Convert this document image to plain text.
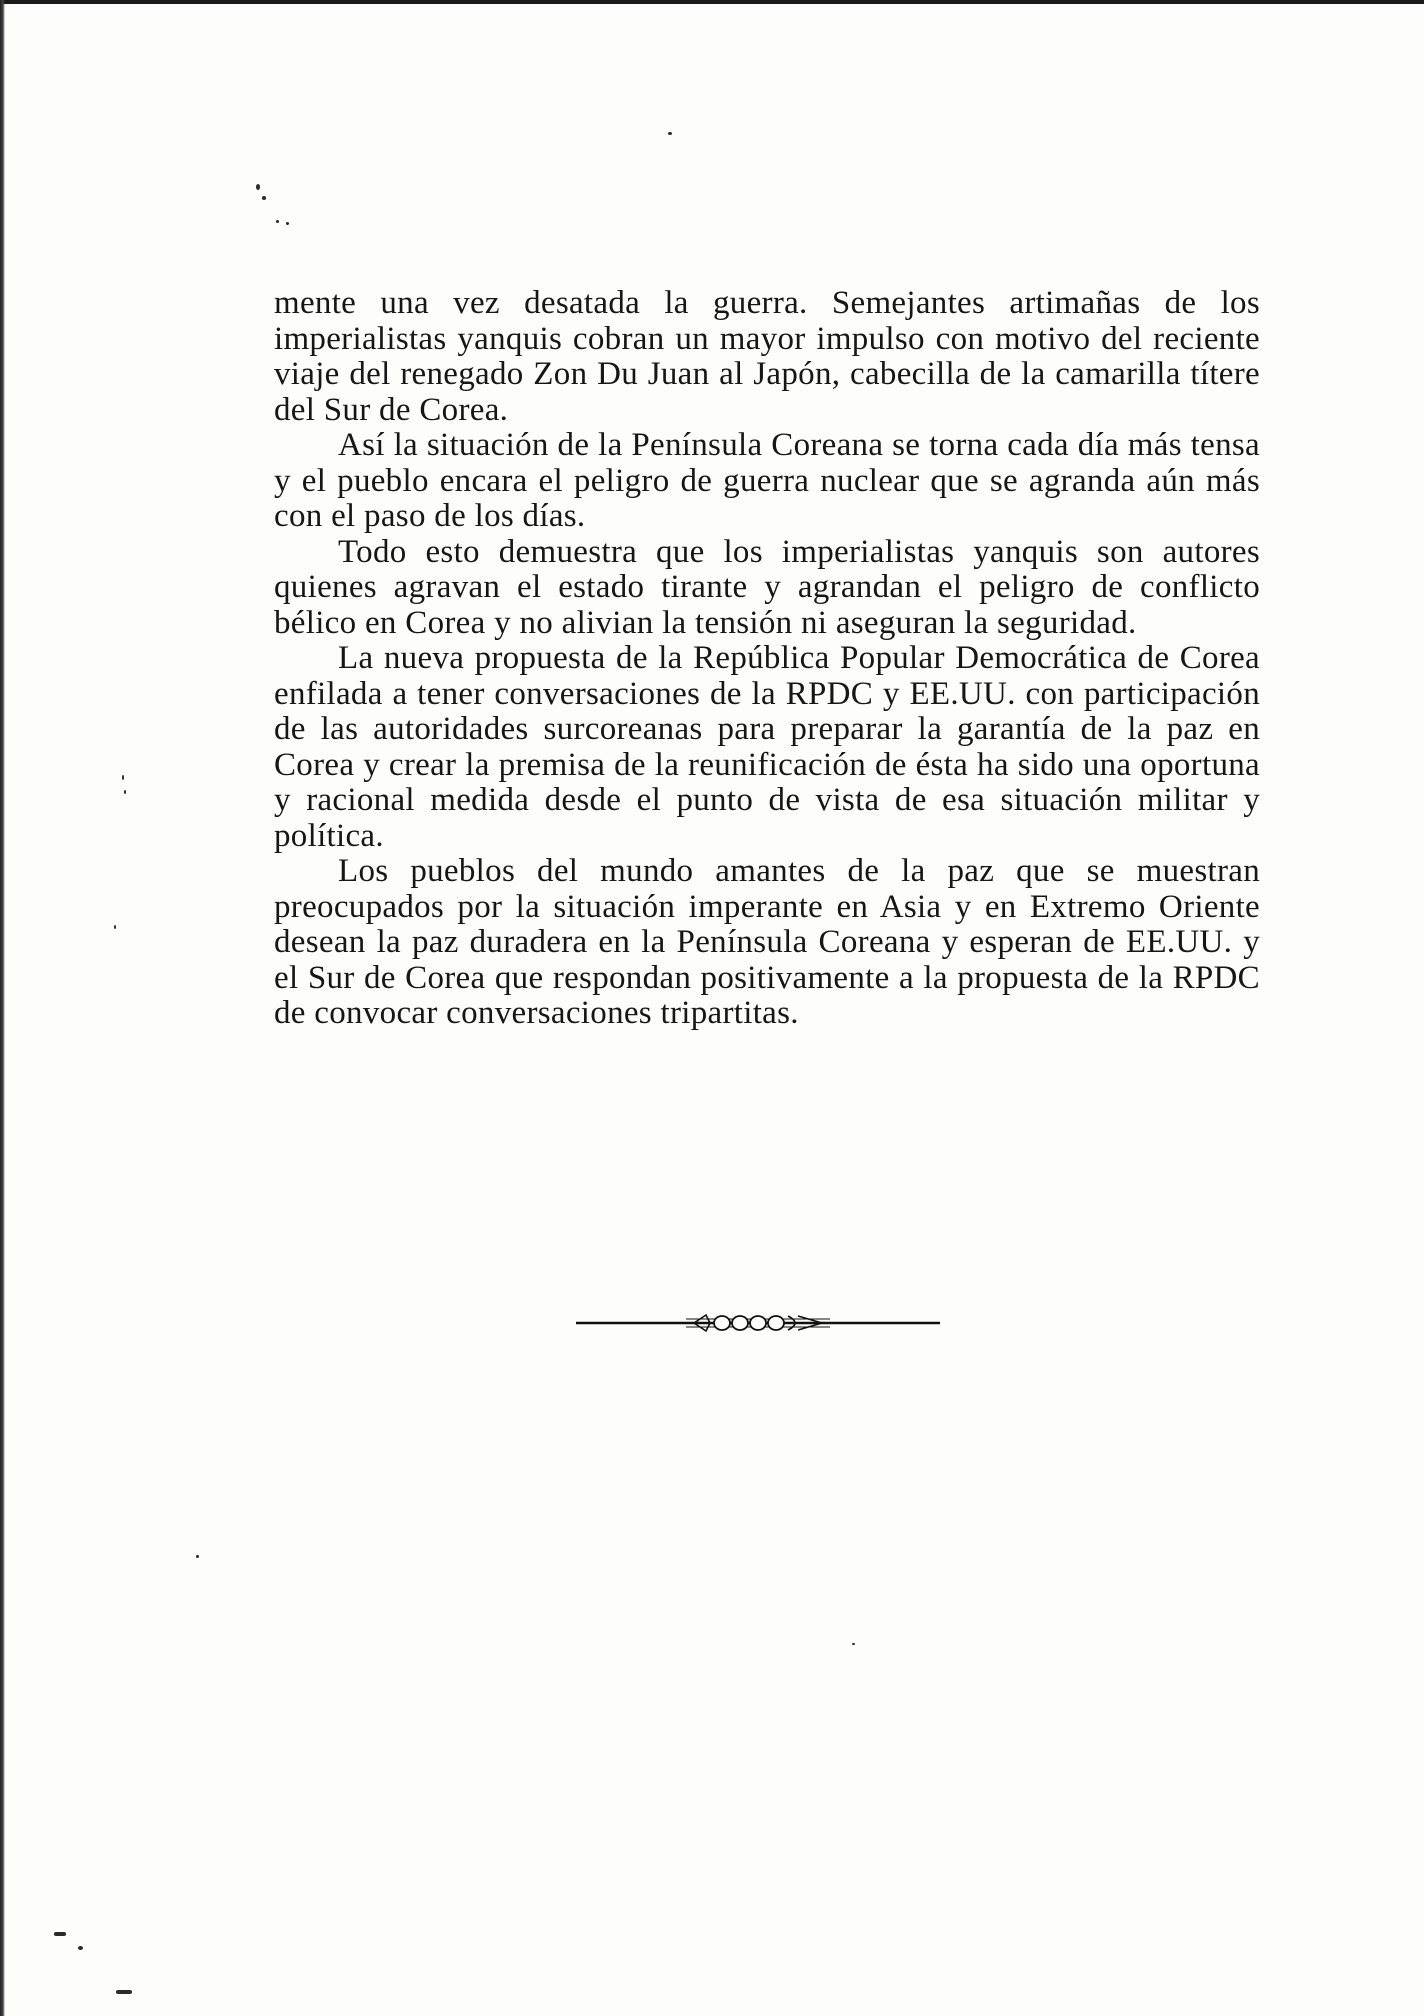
mente una vez desatada la guerra. Semejantes artimañas de los imperialistas yanquis cobran un mayor impulso con motivo del reciente viaje del renegado Zon Du Juan al Japón, cabecilla de la camarilla títere del Sur de Corea.

Así la situación de la Península Coreana se torna cada día más tensa y el pueblo encara el peligro de guerra nuclear que se agranda aún más con el paso de los días.

Todo esto demuestra que los imperialistas yanquis son autores quienes agravan el estado tirante y agrandan el peligro de conflicto bélico en Corea y no alivian la tensión ni aseguran la seguridad.

La nueva propuesta de la República Popular Democrática de Corea enfilada a tener conversaciones de la RPDC y EE.UU. con participación de las autoridades surcoreanas para preparar la garantía de la paz en Corea y crear la premisa de la reunificación de ésta ha sido una oportuna y racional medida desde el punto de vista de esa situación militar y política.

Los pueblos del mundo amantes de la paz que se muestran preocupados por la situación imperante en Asia y en Extremo Oriente desean la paz duradera en la Península Coreana y esperan de EE.UU. y el Sur de Corea que respondan positivamente a la propuesta de la RPDC de convocar conversaciones tripartitas.
